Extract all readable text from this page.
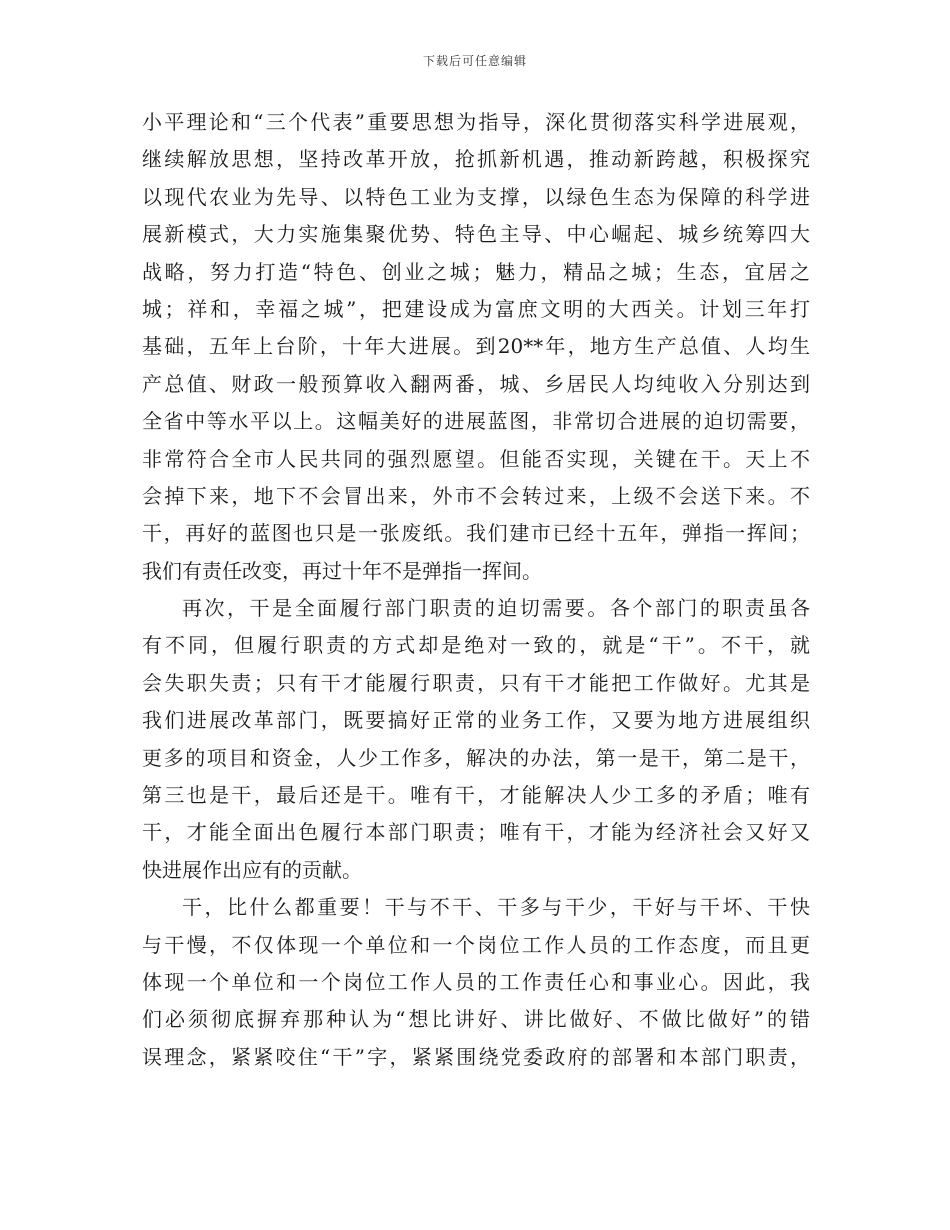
下载后可任意编辑
小平理论和“三个代表”重要思想为指导，深化贯彻落实科学进展观，
继续解放思想，坚持改革开放，抢抓新机遇，推动新跨越，积极探究
以现代农业为先导、以特色工业为支撑，以绿色生态为保障的科学进
展新模式，大力实施集聚优势、特色主导、中心崛起、城乡统筹四大
战略，努力打造“特色、创业之城；魅力，精品之城；生态，宜居之
城；祥和，幸福之城”，把建设成为富庶文明的大西关。计划三年打
基础，五年上台阶，十年大进展。到20**年，地方生产总值、人均生
产总值、财政一般预算收入翻两番，城、乡居民人均纯收入分别达到
全省中等水平以上。这幅美好的进展蓝图，非常切合进展的迫切需要，
非常符合全市人民共同的强烈愿望。但能否实现，关键在干。天上不
会掉下来，地下不会冒出来，外市不会转过来，上级不会送下来。不
干，再好的蓝图也只是一张废纸。我们建市已经十五年，弹指一挥间；
我们有责任改变，再过十年不是弹指一挥间。
再次，干是全面履行部门职责的迫切需要。各个部门的职责虽各
有不同，但履行职责的方式却是绝对一致的，就是“干”。不干，就
会失职失责；只有干才能履行职责，只有干才能把工作做好。尤其是
我们进展改革部门，既要搞好正常的业务工作，又要为地方进展组织
更多的项目和资金，人少工作多，解决的办法，第一是干，第二是干，
第三也是干，最后还是干。唯有干，才能解决人少工多的矛盾；唯有
干，才能全面出色履行本部门职责；唯有干，才能为经济社会又好又
快进展作出应有的贡献。
干，比什么都重要！干与不干、干多与干少，干好与干坏、干快
与干慢，不仅体现一个单位和一个岗位工作人员的工作态度，而且更
体现一个单位和一个岗位工作人员的工作责任心和事业心。因此，我
们必须彻底摒弃那种认为“想比讲好、讲比做好、不做比做好”的错
误理念，紧紧咬住“干”字，紧紧围绕党委政府的部署和本部门职责，
